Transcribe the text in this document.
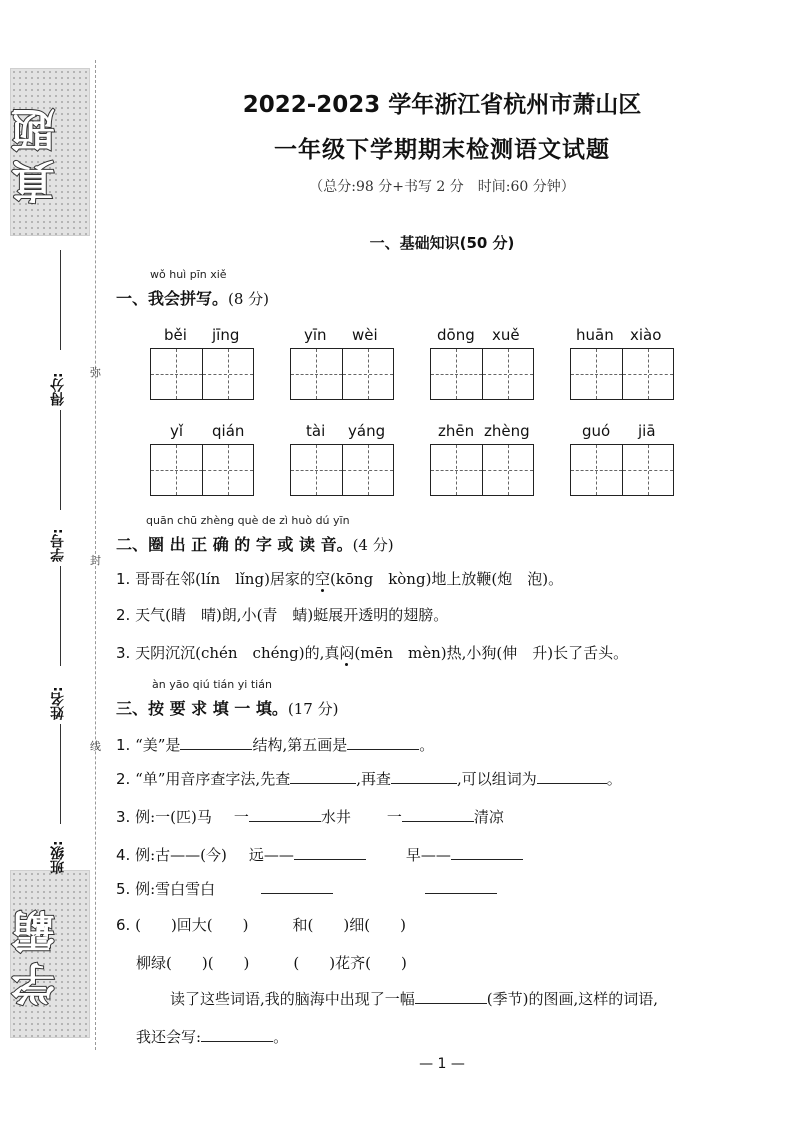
真题
学霸
得分:
学号:
姓名:
班级:
弥
封
线
2022-2023 学年浙江省杭州市萧山区
一年级下学期期末检测语文试题
（总分:98 分+书写 2 分　时间:60 分钟）
一、基础知识(50 分)
wǒ huì pīn xiě
一、我会拼写。(8 分)
běi jīng	yīn wèi	dōng xuě	huān xiào
yǐ qián	tài yáng	zhēn zhèng	guó jiā
quān chū zhèng què de zì huò dú yīn
二、圈 出 正 确 的 字 或 读 音。(4 分)
1. 哥哥在邻(lín　lǐng)居家的空(kōng　kòng)地上放鞭(炮　泡)。
2. 天气(睛　晴)朗,小(青　蜻)蜓展开透明的翅膀。
3. 天阴沉沉(chén　chéng)的,真闷(mēn　mèn)热,小狗(伸　升)长了舌头。
àn yāo qiú tián yi tián
三、按 要 求 填 一 填。(17 分)
1. “美”是	结构,第五画是	。
2. “单”用音序查字法,先查	,再查	,可以组词为	。
3. 例:一(匹)马 一	水井 一	清凉
4. 例:古——(今) 远——	早——
5. 例:雪白雪白
6. (　　)回大(　　)	和(　　)细(　　)
柳绿(　　)(　　)	(　　)花齐(　　)
读了这些词语,我的脑海中出现了一幅	(季节)的图画,这样的词语,
我还会写:	。
— 1 —
